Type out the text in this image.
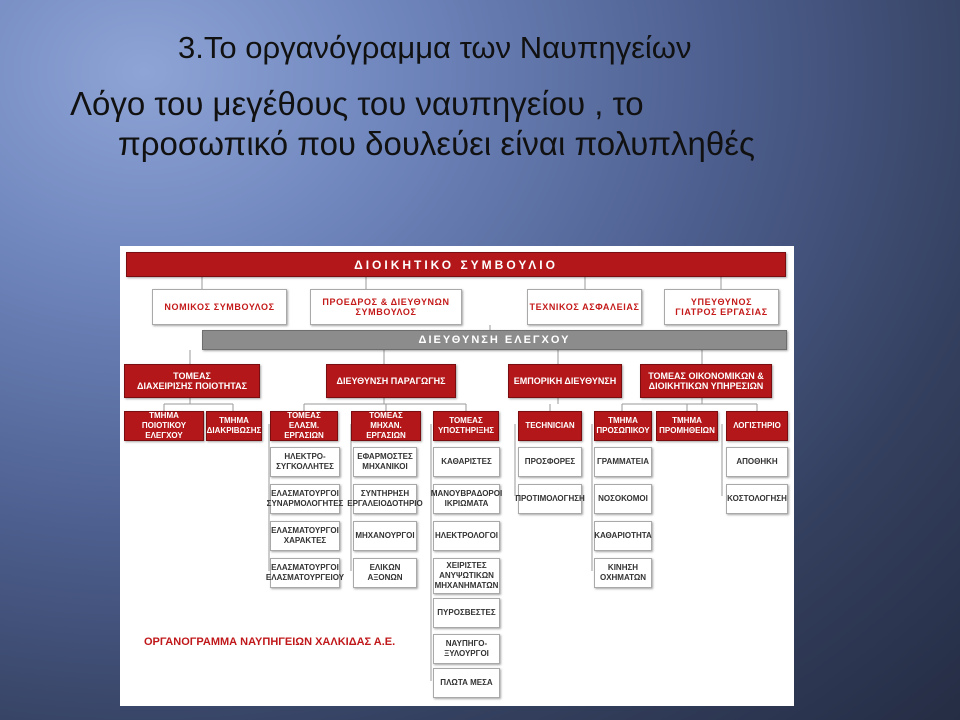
3.Το οργανόγραμμα των Ναυπηγείων

Λόγο του μεγέθους του ναυπηγείου , το
προσωπικό που δουλεύει είναι πολυπληθές

ΔΙΟΙΚΗΤΙΚΟ ΣΥΜΒΟΥΛΙΟ
ΝΟΜΙΚΟΣ ΣΥΜΒΟΥΛΟΣ	ΠΡΟΕΔΡΟΣ & ΔΙΕΥΘΥΝΩΝ
ΣΥΜΒΟΥΛΟΣ	ΤΕΧΝΙΚΟΣ ΑΣΦΑΛΕΙΑΣ	ΥΠΕΥΘΥΝΟΣ
ΓΙΑΤΡΟΣ ΕΡΓΑΣΙΑΣ
ΔΙΕΥΘΥΝΣΗ ΕΛΕΓΧΟΥ
ΤΟΜΕΑΣ
ΔΙΑΧΕΙΡΙΣΗΣ ΠΟΙΟΤΗΤΑΣ	ΔΙΕΥΘΥΝΣΗ ΠΑΡΑΓΩΓΗΣ	ΕΜΠΟΡΙΚΗ ΔΙΕΥΘΥΝΣΗ	ΤΟΜΕΑΣ ΟΙΚΟΝΟΜΙΚΩΝ &
ΔΙΟΙΚΗΤΙΚΩΝ ΥΠΗΡΕΣΙΩΝ
ΤΜΗΜΑ
ΠΟΙΟΤΙΚΟΥ ΕΛΕΓΧΟΥ
ΤΜΗΜΑ
ΔΙΑΚΡΙΒΩΣΗΣ
ΤΟΜΕΑΣ
ΕΛΑΣΜ. ΕΡΓΑΣΙΩΝ
ΤΟΜΕΑΣ
ΜΗΧΑΝ. ΕΡΓΑΣΙΩΝ
ΤΟΜΕΑΣ
ΥΠΟΣΤΗΡΙΞΗΣ
TECHNICIAN
ΤΜΗΜΑ
ΠΡΟΣΩΠΙΚΟΥ
ΤΜΗΜΑ
ΠΡΟΜΗΘΕΙΩΝ
ΛΟΓΙΣΤΗΡΙΟ
ΗΛΕΚΤΡΟ-
ΣΥΓΚΟΛΛΗΤΕΣ
ΕΛΑΣΜΑΤΟΥΡΓΟΙ
ΣΥΝΑΡΜΟΛΟΓΗΤΕΣ
ΕΛΑΣΜΑΤΟΥΡΓΟΙ
ΧΑΡΑΚΤΕΣ
ΕΛΑΣΜΑΤΟΥΡΓΟΙ
ΕΛΑΣΜΑΤΟΥΡΓΕΙΟΥ
ΕΦΑΡΜΟΣΤΕΣ
ΜΗΧΑΝΙΚΟΙ
ΣΥΝΤΗΡΗΣΗ
ΕΡΓΑΛΕΙΟΔΟΤΗΡΙΟ
ΜΗΧΑΝΟΥΡΓΟΙ
ΕΛΙΚΩΝ
ΑΞΟΝΩΝ
ΚΑΘΑΡΙΣΤΕΣ
ΜΑΝΟΥΒΡΑΔΟΡΟΙ
ΙΚΡΙΩΜΑΤΑ
ΗΛΕΚΤΡΟΛΟΓΟΙ
ΧΕΙΡΙΣΤΕΣ
ΑΝΥΨΩΤΙΚΩΝ
ΜΗΧΑΝΗΜΑΤΩΝ
ΠΥΡΟΣΒΕΣΤΕΣ
ΝΑΥΠΗΓΟ-
ΞΥΛΟΥΡΓΟΙ
ΠΛΩΤΑ ΜΕΣΑ
ΠΡΟΣΦΟΡΕΣ
ΠΡΟΤΙΜΟΛΟΓΗΣΗ
ΓΡΑΜΜΑΤΕΙΑ
ΝΟΣΟΚΟΜΟΙ
ΚΑΘΑΡΙΟΤΗΤΑ
ΚΙΝΗΣΗ
ΟΧΗΜΑΤΩΝ
ΑΠΟΘΗΚΗ
ΚΟΣΤΟΛΟΓΗΣΗ
ΟΡΓΑΝΟΓΡΑΜΜΑ ΝΑΥΠΗΓΕΙΩΝ ΧΑΛΚΙΔΑΣ Α.Ε.
